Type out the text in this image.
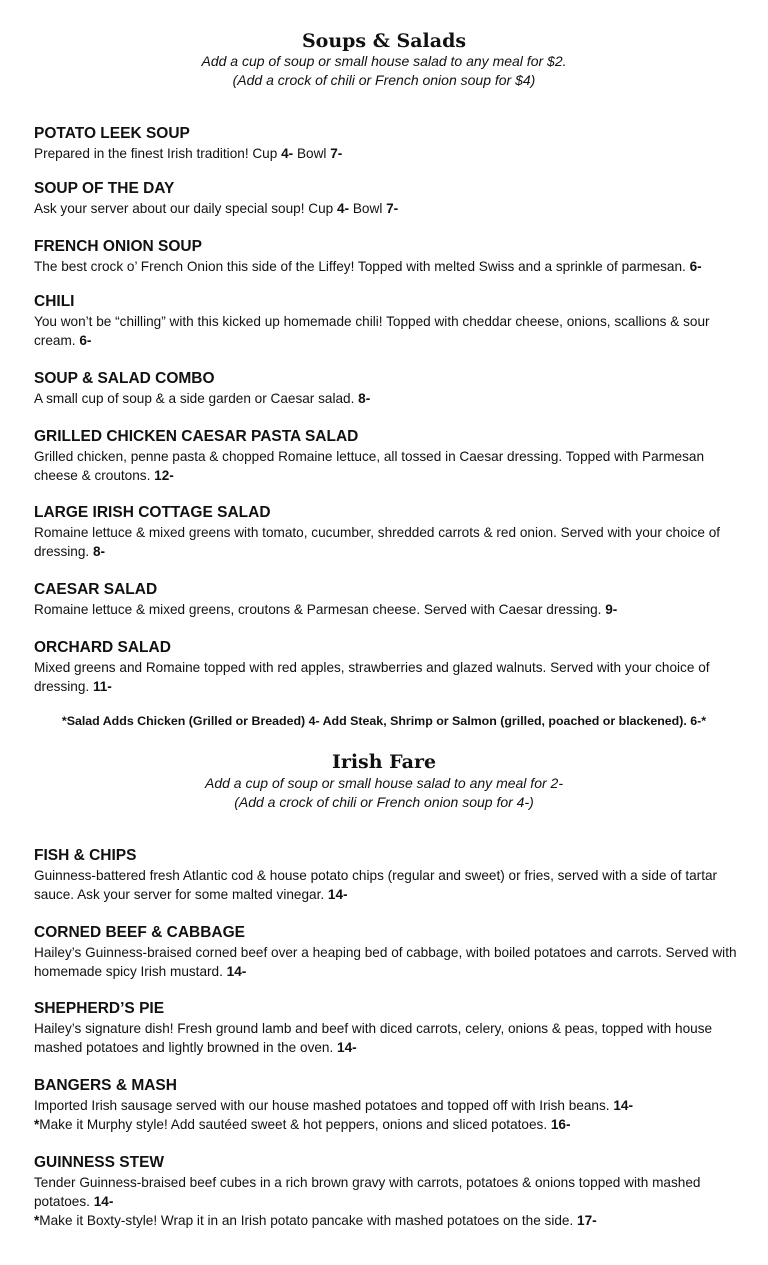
Soups & Salads
Add a cup of soup or small house salad to any meal for $2.
(Add a crock of chili or French onion soup for $4)

POTATO LEEK SOUP

Prepared in the finest Irish tradition! Cup 4- Bowl 7-

SOUP OF THE DAY

Ask your server about our daily special soup! Cup 4- Bowl 7-

FRENCH ONION SOUP

The best crock o’ French Onion this side of the Liffey! Topped with melted Swiss and a sprinkle of parmesan. 6-

CHILI

You won’t be “chilling” with this kicked up homemade chili! Topped with cheddar cheese, onions, scallions & sour cream. 6-

SOUP & SALAD COMBO

A small cup of soup & a side garden or Caesar salad. 8-

GRILLED CHICKEN CAESAR PASTA SALAD

Grilled chicken, penne pasta & chopped Romaine lettuce, all tossed in Caesar dressing. Topped with Parmesan cheese & croutons. 12-

LARGE IRISH COTTAGE SALAD

Romaine lettuce & mixed greens with tomato, cucumber, shredded carrots & red onion. Served with your choice of dressing. 8-

CAESAR SALAD

Romaine lettuce & mixed greens, croutons & Parmesan cheese. Served with Caesar dressing. 9-

ORCHARD SALAD

Mixed greens and Romaine topped with red apples, strawberries and glazed walnuts. Served with your choice of dressing. 11-

*Salad Adds Chicken (Grilled or Breaded) 4- Add Steak, Shrimp or Salmon (grilled, poached or blackened). 6-*
Irish Fare
Add a cup of soup or small house salad to any meal for 2-
(Add a crock of chili or French onion soup for 4-)

FISH & CHIPS

Guinness-battered fresh Atlantic cod & house potato chips (regular and sweet) or fries, served with a side of tartar sauce. Ask your server for some malted vinegar. 14-

CORNED BEEF & CABBAGE

Hailey’s Guinness-braised corned beef over a heaping bed of cabbage, with boiled potatoes and carrots. Served with homemade spicy Irish mustard. 14-

SHEPHERD’S PIE

Hailey’s signature dish! Fresh ground lamb and beef with diced carrots, celery, onions & peas, topped with house mashed potatoes and lightly browned in the oven. 14-

BANGERS & MASH

Imported Irish sausage served with our house mashed potatoes and topped off with Irish beans. 14-

*Make it Murphy style! Add sautéed sweet & hot peppers, onions and sliced potatoes. 16-

GUINNESS STEW

Tender Guinness-braised beef cubes in a rich brown gravy with carrots, potatoes & onions topped with mashed potatoes. 14-

*Make it Boxty-style! Wrap it in an Irish potato pancake with mashed potatoes on the side. 17-
